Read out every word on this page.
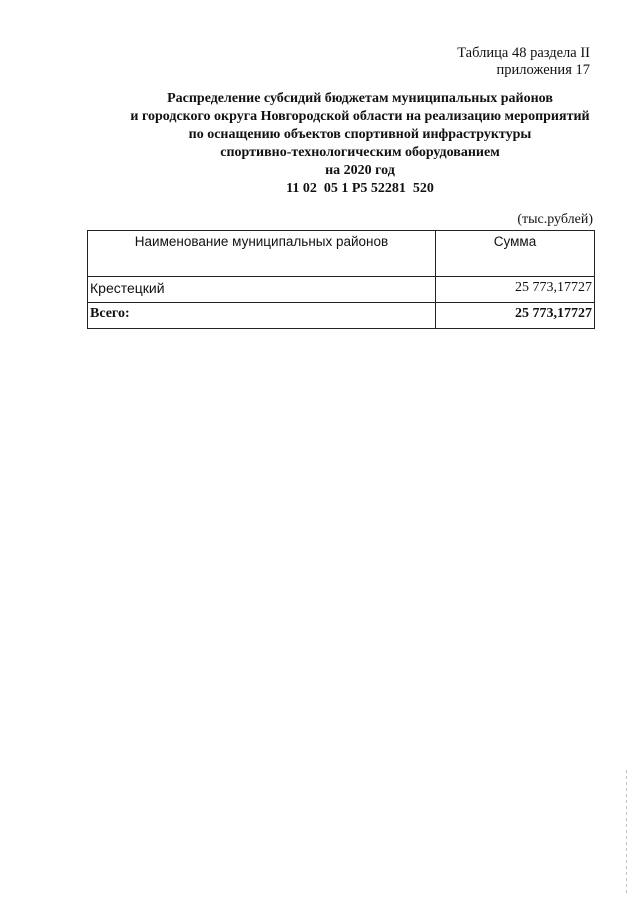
Таблица 48 раздела II
приложения 17
Распределение субсидий бюджетам муниципальных районов
и городского округа Новгородской области на реализацию мероприятий
по оснащению объектов спортивной инфраструктуры
спортивно-технологическим оборудованием
на 2020 год
11 02  05 1 Р5 52281  520
(тыс.рублей)
Наименование муниципальных районов	Сумма
Крестецкий	25 773,17727
Всего:	25 773,17727
